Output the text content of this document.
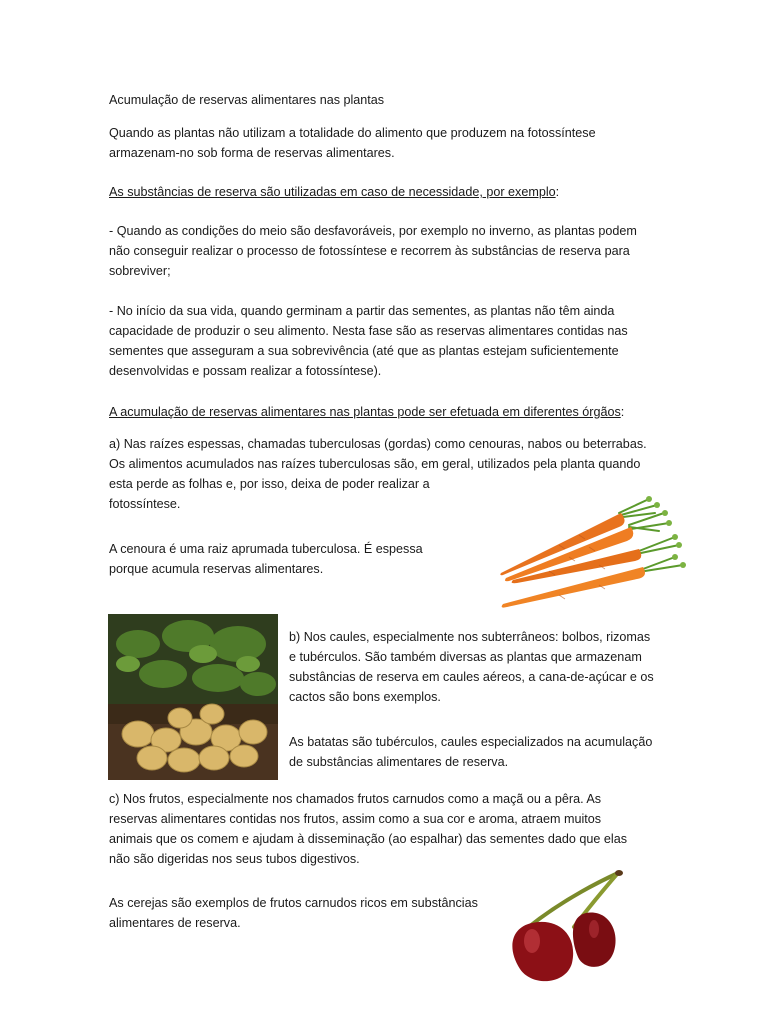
Acumulação de reservas alimentares nas plantas

Quando as plantas não utilizam a totalidade do alimento que produzem na fotossíntese

armazenam-no sob forma de reservas alimentares.

As substâncias de reserva são utilizadas em caso de necessidade, por exemplo:

- Quando as condições do meio são desfavoráveis, por exemplo no inverno, as plantas podem

não conseguir realizar o processo de fotossíntese e recorrem às substâncias de reserva para

sobreviver;

- No início da sua vida, quando germinam a partir das sementes, as plantas não têm ainda

capacidade de produzir o seu alimento. Nesta fase são as reservas alimentares contidas nas

sementes que asseguram a sua sobrevivência (até que as plantas estejam suficientemente

desenvolvidas e possam realizar a fotossíntese).

A acumulação de reservas alimentares nas plantas pode ser efetuada em diferentes órgãos:

a) Nas raízes espessas, chamadas tuberculosas (gordas) como cenouras, nabos ou beterrabas.

Os alimentos acumulados nas raízes tuberculosas são, em geral, utilizados pela planta quando

esta perde as folhas e, por isso, deixa de poder realizar a

fotossíntese.

A cenoura é uma raiz aprumada tuberculosa. É espessa

porque acumula reservas alimentares.

b) Nos caules, especialmente nos subterrâneos: bolbos, rizomas

e tubérculos. São também diversas as plantas que armazenam

substâncias de reserva em caules aéreos, a cana-de-açúcar e os

cactos são bons exemplos.

As batatas são tubérculos, caules especializados na acumulação

de substâncias alimentares de reserva.

c) Nos frutos, especialmente nos chamados frutos carnudos como a maçã ou a pêra. As

reservas alimentares contidas nos frutos, assim como a sua cor e aroma, atraem muitos

animais que os comem e ajudam à disseminação (ao espalhar) das sementes dado que elas

não são digeridas nos seus tubos digestivos.

As cerejas são exemplos de frutos carnudos ricos em substâncias

alimentares de reserva.
